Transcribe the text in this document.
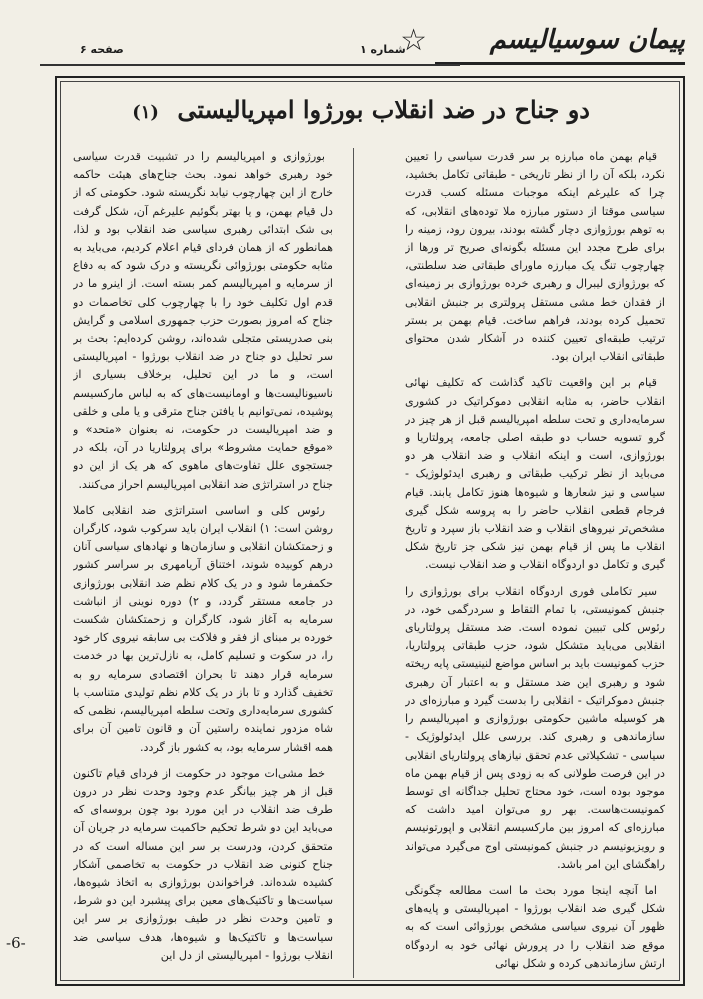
پیمان سوسیالیسم
☆
شماره ۱
صفحه ۶
دو جناح در ضد انقلاب بورژوا امپریالیستی (۱)

قیام بهمن ماه مبارزه بر سر قدرت سیاسی را تعیین نکرد، بلکه آن را از نظر تاریخی - طبقاتی تکامل بخشید، چرا که علیرغم اینکه موجبات مسئله کسب قدرت سیاسی موقتا از دستور مبارزه ملا توده‌های انقلابی، که به توهم بورژوازی دچار گشته بودند، بیرون رود، زمینه را برای طرح مجدد این مسئله بگونه‌ای صریح تر ورها از چهارچوب تنگ یک مبارزه ماورای طبقاتی ضد سلطنتی، که بورژوازی لیبرال و رهبری خرده بورژوازی بر زمینه‌ای از فقدان خط مشی مستقل پرولتری بر جنبش انقلابی تحمیل کرده بودند، فراهم ساخت. قیام بهمن بر بستر ترتیب طبقه‌ای تعیین کننده در آشکار شدن محتوای طبقاتی انقلاب ایران بود.

قیام بر این واقعیت تاکید گذاشت که تکلیف نهائی انقلاب حاضر، به مثابه انقلابی دموکراتیک در کشوری سرمایه‌داری و تحت سلطه امپریالیسم قبل از هر چیز در گرو تسویه حساب دو طبقه اصلی جامعه، پرولتاریا و بورژوازی، است و اینکه انقلاب و ضد انقلاب هر دو می‌باید از نظر ترکیب طبقاتی و رهبری ایدئولوژیک - سیاسی و نیز شعارها و شیوه‌ها هنوز تکامل یابند. قیام فرجام قطعی انقلاب حاضر را به پروسه شکل گیری مشخص‌تر نیروهای انقلاب و ضد انقلاب باز سپرد و تاریخ انقلاب ما پس از قیام بهمن نیز شکی جز تاریخ شکل گیری و تکامل دو اردوگاه انقلاب و ضد انقلاب نیست.

سیر تکاملی فوری اردوگاه انقلاب برای بورژوازی را جنبش کمونیستی، با تمام التقاط و سردرگمی خود، در رئوس کلی تبیین نموده است. ضد مستقل پرولتاریای انقلابی می‌باید متشکل شود، حزب طبقاتی پرولتاریا، حزب کمونیست باید بر اساس مواضع لنینیستی پایه ریخته شود و رهبری این ضد مستقل و به اعتبار آن رهبری جنبش دموکراتیک - انقلابی را بدست گیرد و مبارزه‌ای در هر کوسیله ماشین حکومتی بورژوازی و امپریالیسم را سازماندهی و رهبری کند. بررسی علل ایدئولوژیک - سیاسی - تشکیلاتی عدم تحقق نیازهای پرولتاریای انقلابی در این فرصت طولانی که به زودی پس از قیام بهمن ماه موجود بوده است، خود محتاج تحلیل جداگانه ای توسط کمونیست‌هاست. بهر رو می‌توان امید داشت که مبارزه‌ای که امروز بین مارکسیسم انقلابی و اپورتونیسم و رویزیونیسم در جنبش کمونیستی اوج می‌گیرد می‌تواند راهگشای این امر باشد.

اما آنچه اینجا مورد بحث ما است مطالعه چگونگی شکل گیری ضد انقلاب بورژوا - امپریالیستی و پایه‌های ظهور آن نیروی سیاسی مشخص بورژوائی است که به موقع ضد انقلاب را در پرورش نهائی خود به اردوگاه ارتش سازماندهی کرده و شکل نهائی

بورژوازی و امپریالیسم را در تشبیت قدرت سیاسی خود رهبری خواهد نمود. بحث جناح‌های هیئت حاکمه خارج از این چهارچوب نیابد نگریسته شود. حکومتی که از دل قیام بهمن، و یا بهتر بگوئیم علیرغم آن، شکل گرفت بی شک ابتدائی رهبری سیاسی ضد انقلاب بود و لذا، همانطور که از همان فردای قیام اعلام کردیم، می‌باید به مثابه حکومتی بورژوائی نگریسته و درک شود که به دفاع از سرمایه و امپریالیسم کمر بسته است. از اینرو ما در قدم اول تکلیف خود را با چهارچوب کلی تخاصمات دو جناح که امروز بصورت حزب جمهوری اسلامی و گرایش بنی صدریستی متجلی شده‌اند، روشن کرده‌ایم: بحث بر سر تحلیل دو جناح در ضد انقلاب بورژوا - امپریالیستی است، و ما در این تحلیل، برخلاف بسیاری از ناسیونالیست‌ها و اومانیست‌های که به لباس مارکسیسم پوشیده، نمی‌توانیم با یافتن جناح مترقی و یا ملی و خلقی و ضد امپریالیست در حکومت، نه بعنوان «متحد» و «موقع حمایت مشروط» برای پرولتاریا در آن، بلکه در جستجوی علل تفاوت‌های ماهوی که هر یک از این دو جناح در استراتژی ضد انقلابی امپریالیسم احراز می‌کنند.

رئوس کلی و اساسی استراتژی ضد انقلابی کاملا روشن است: ۱) انقلاب ایران باید سرکوب شود، کارگران و زحمتکشان انقلابی و سازمان‌ها و نهادهای سیاسی آنان درهم کوبیده شوند، اختناق آریامهری بر سراسر کشور حکمفرما شود و در یک کلام نظم ضد انقلابی بورژوازی در جامعه مستقر گردد، و ۲) دوره نوینی از انباشت سرمایه به آغاز شود، کارگران و زحمتکشان شکست خورده بر مبنای از فقر و فلاکت بی سابقه نیروی کار خود را، در سکوت و تسلیم کامل، به نازل‌ترین بها در خدمت سرمایه قرار دهند تا بحران اقتصادی سرمایه رو به تخفیف گذارد و تا باز در یک کلام نظم تولیدی متناسب با کشوری سرمایه‌داری وتحت سلطه امپریالیسم، نظمی که شاه مزدور نماینده راستین آن و قانون تامین آن برای همه اقشار سرمایه بود، به کشور باز گردد.

خط مشی‌ات موجود در حکومت از فردای قیام تاکنون قبل از هر چیز بیانگر عدم وجود وحدت نظر در درون طرف ضد انقلاب در این مورد بود چون بروسه‌ای که می‌باید این دو شرط تحکیم حاکمیت سرمایه در جریان آن متحقق کردن، ودرست بر سر این مساله است که در جناح کنونی ضد انقلاب در حکومت به تخاصمی آشکار کشیده شده‌اند. فراخواندن بورژوازی به اتخاذ شیوه‌ها، سیاست‌ها و تاکتیک‌های معین برای پیشبرد این دو شرط، و تامین وحدت نظر در طیف بورژوازی بر سر این سیاست‌ها و تاکتیک‌ها و شیوه‌ها، هدف سیاسی ضد انقلاب بورژوا - امپریالیستی از دل این

-6-
